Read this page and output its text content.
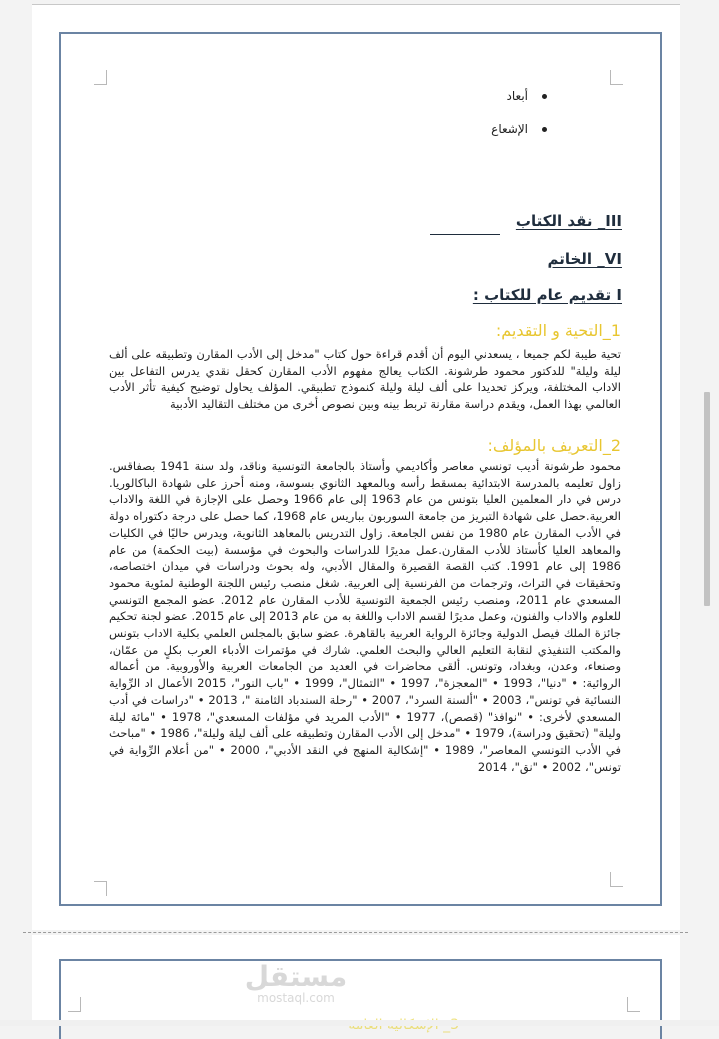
أبعاد
الإشعاع
III_ نقد الكتاب
VI_ الخاتم
I تقديم عام للكتاب :
1_التحية و التقديم:
تحية طيبة لكم جميعا ، يسعدني اليوم أن أقدم قراءة حول كتاب "مدخل إلى الأدب المقارن وتطبيقه على ألف ليلة وليلة" للدكتور محمود طرشونة. الكتاب يعالج مفهوم الأدب المقارن كحقل نقدي يدرس التفاعل بين الاداب المختلفة، ويركز تحديدا على ألف ليلة وليلة كنموذج تطبيقي. المؤلف يحاول توضيح كيفية تأثر الأدب العالمي بهذا العمل، ويقدم دراسة مقارنة تربط بينه وبين نصوص أخرى من مختلف التقاليد الأدبية
2_التعريف بالمؤلف:
محمود طرشونة أديب تونسي معاصر وأكاديمي وأستاذ بالجامعة التونسية وناقد، ولد سنة 1941 بصفاقس. زاول تعليمه بالمدرسة الابتدائية بمسقط رأسه وبالمعهد الثانوي بسوسة، ومنه أحرز على شهادة الباكالوريا. درس في دار المعلمين العليا بتونس من عام 1963 إلى عام 1966 وحصل على الإجازة في اللغة والاداب العربية.حصل على شهادة التبريز من جامعة السوربون بباريس عام 1968، كما حصل على درجة دكتوراه دولة في الأدب المقارن عام 1980 من نفس الجامعة. زاول التدريس بالمعاهد الثانوية، ويدرس حاليًا في الكليات والمعاهد العليا كأستاذ للأدب المقارن.عمل مديرًا للدراسات والبحوث في مؤسسة (بيت الحكمة) من عام 1986 إلى عام 1991. كتب القصة القصيرة والمقال الأدبي، وله بحوث ودراسات في ميدان اختصاصه، وتحقيقات في التراث، وترجمات من الفرنسية إلى العربية. شغل منصب رئيس اللجنة الوطنية لمئوية محمود المسعدي عام 2011، ومنصب رئيس الجمعية التونسية للأدب المقارن عام 2012. عضو المجمع التونسي للعلوم والاداب والفنون، وعمل مديرًا لقسم الاداب واللغة به من عام 2013 إلى عام 2015. عضو لجنة تحكيم جائزة الملك فيصل الدولية وجائزة الرواية العربية بالقاهرة. عضو سابق بالمجلس العلمي بكلية الاداب بتونس والمكتب التنفيذي لنقابة التعليم العالي والبحث العلمي. شارك في مؤتمرات الأدباء العرب بكلٍ من عمّان، وصنعاء، وعدن، وبغداد، وتونس. ألقى محاضرات في العديد من الجامعات العربية والأوروبية. من أعماله الروائية: • "دنيا"، 1993 • "المعجزة"، 1997 • "التمثال"، 1999 • "باب النور"، 2015 الأعمال اد الرِّواية النسائية في تونس"، 2003 • "ألسنة السرد"، 2007 • "رحلة السندباد الثامنة "، 2013 • "دراسات في أدب المسعدي لأخرى: • "نوافذ" (قصص)، 1977 • "الأدب المريد في مؤلفات المسعدي"، 1978 • "مائة ليلة وليلة" (تحقيق ودراسة)، 1979 • "مدخل إلى الأدب المقارن وتطبيقه على ألف ليلة وليلة"، 1986 • "مباحث في الأدب التونسي المعاصر"، 1989 • "إشكالية المنهج في النقد الأدبي"، 2000 • "من أعلام الرِّواية في تونس"، 2002 • "نق"، 2014
مستقل
mostaql.com
